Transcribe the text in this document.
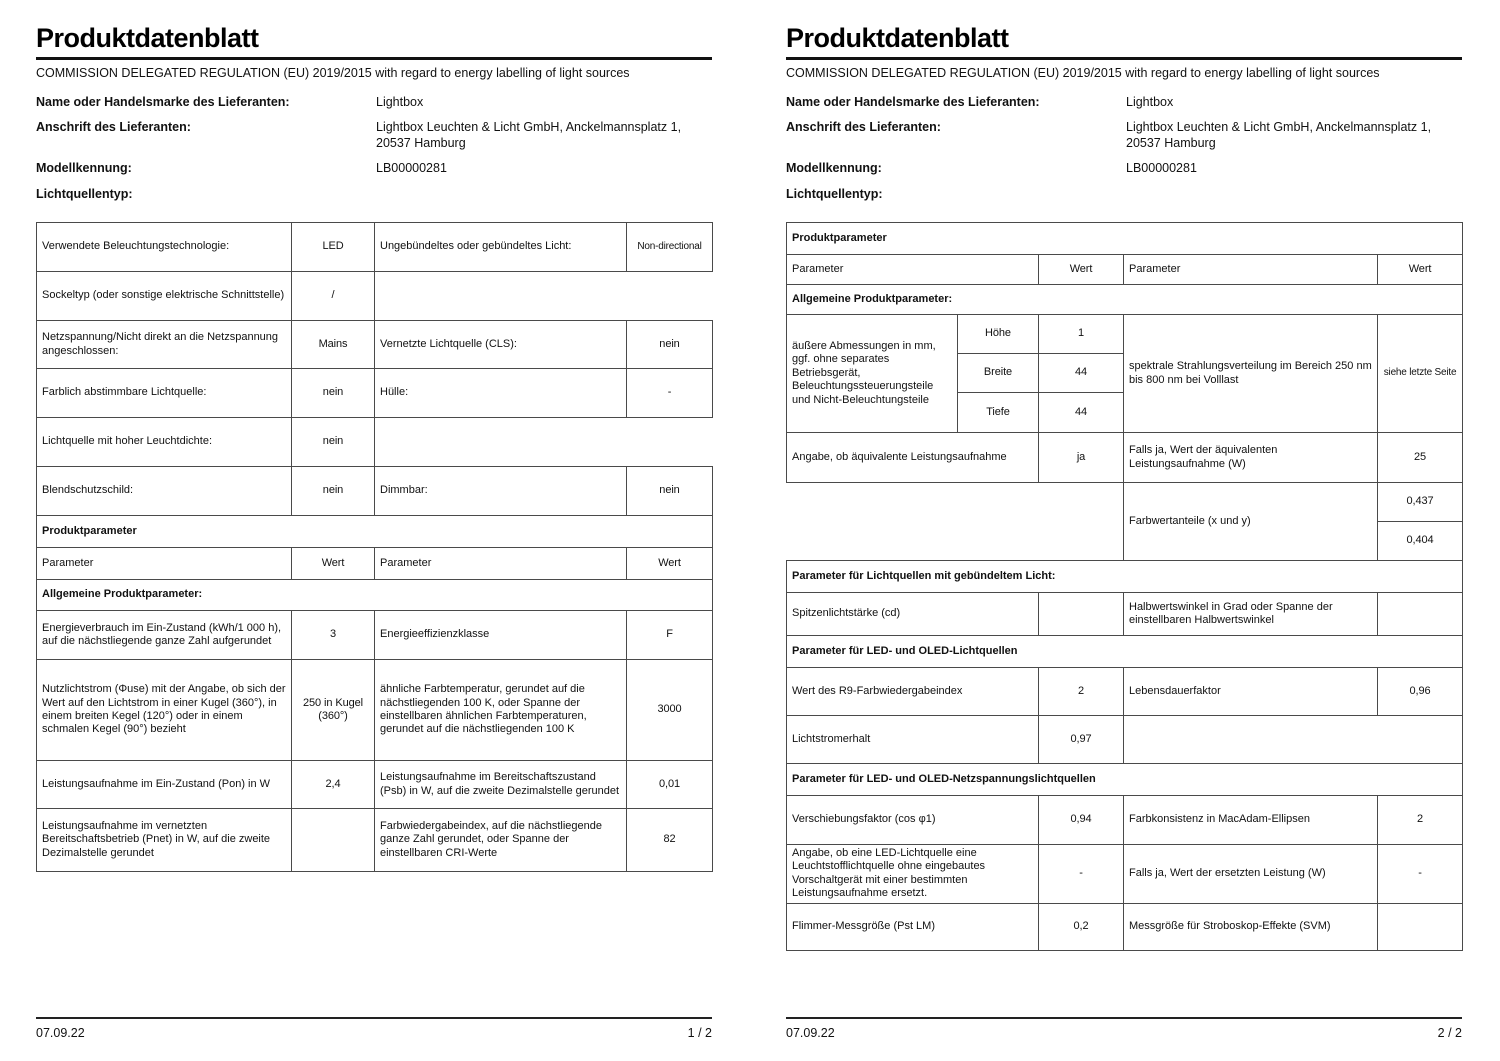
Produktdatenblatt
COMMISSION DELEGATED REGULATION (EU) 2019/2015 with regard to energy labelling of light sources
Name oder Handelsmarke des Lieferanten:	Lightbox
Anschrift des Lieferanten:	Lightbox Leuchten & Licht GmbH, Anckelmannsplatz 1, 20537 Hamburg
Modellkennung:	LB00000281
Lichtquellentyp:
Verwendete Beleuchtungstechnologie:	LED	Ungebündeltes oder gebündeltes Licht:	Non-directional
Sockeltyp (oder sonstige elektrische Schnittstelle)	/		
Netzspannung/Nicht direkt an die Netzspannung angeschlossen:	Mains	Vernetzte Lichtquelle (CLS):	nein
Farblich abstimmbare Lichtquelle:	nein	Hülle:	-
Lichtquelle mit hoher Leuchtdichte:	nein		
Blendschutzschild:	nein	Dimmbar:	nein
Produktparameter			
Parameter	Wert	Parameter	Wert
Allgemeine Produktparameter:			
Energieverbrauch im Ein-Zustand (kWh/1 000 h), auf die nächstliegende ganze Zahl aufgerundet	3	Energieeffizienzklasse	F
Nutzlichtstrom (Φuse) mit der Angabe, ob sich der Wert auf den Lichtstrom in einer Kugel (360°), in einem breiten Kegel (120°) oder in einem schmalen Kegel (90°) bezieht	250 in Kugel (360°)	ähnliche Farbtemperatur, gerundet auf die nächstliegenden 100 K, oder Spanne der einstellbaren ähnlichen Farbtemperaturen, gerundet auf die nächstliegenden 100 K	3000
Leistungsaufnahme im Ein-Zustand (Pon) in W	2,4	Leistungsaufnahme im Bereitschaftszustand (Psb) in W, auf die zweite Dezimalstelle gerundet	0,01
Leistungsaufnahme im vernetzten Bereitschaftsbetrieb (Pnet) in W, auf die zweite Dezimalstelle gerundet		Farbwiedergabeindex, auf die nächstliegende ganze Zahl gerundet, oder Spanne der einstellbaren CRI-Werte	82
07.09.22	1 / 2
Produktdatenblatt
COMMISSION DELEGATED REGULATION (EU) 2019/2015 with regard to energy labelling of light sources
Name oder Handelsmarke des Lieferanten:	Lightbox
Anschrift des Lieferanten:	Lightbox Leuchten & Licht GmbH, Anckelmannsplatz 1, 20537 Hamburg
Modellkennung:	LB00000281
Lichtquellentyp:
Produktparameter				
Parameter		Wert	Parameter	Wert
Allgemeine Produktparameter:				
äußere Abmessungen in mm, ggf. ohne separates Betriebsgerät, Beleuchtungssteuerungsteile und Nicht-Beleuchtungsteile	Höhe	1	spektrale Strahlungsverteilung im Bereich 250 nm bis 800 nm bei Volllast	siehe letzte Seite
	Breite	44		
	Tiefe	44		
Angabe, ob äquivalente Leistungsaufnahme		ja	Falls ja, Wert der äquivalenten Leistungsaufnahme (W)	25
			Farbwertanteile (x und y)	0,437
				0,404
Parameter für Lichtquellen mit gebündeltem Licht:				
Spitzenlichtstärke (cd)			Halbwertswinkel in Grad oder Spanne der einstellbaren Halbwertswinkel	
Parameter für LED- und OLED-Lichtquellen				
Wert des R9-Farbwiedergabeindex		2	Lebensdauerfaktor	0,96
Lichtstromerhalt		0,97		
Parameter für LED- und OLED-Netzspannungslichtquellen				
Verschiebungsfaktor (cos φ1)		0,94	Farbkonsistenz in MacAdam-Ellipsen	2
Angabe, ob eine LED-Lichtquelle eine Leuchtstofflichtquelle ohne eingebautes Vorschaltgerät mit einer bestimmten Leistungsaufnahme ersetzt.		-	Falls ja, Wert der ersetzten Leistung (W)	-
Flimmer-Messgröße (Pst LM)		0,2	Messgröße für Stroboskop-Effekte (SVM)	
07.09.22	2 / 2
